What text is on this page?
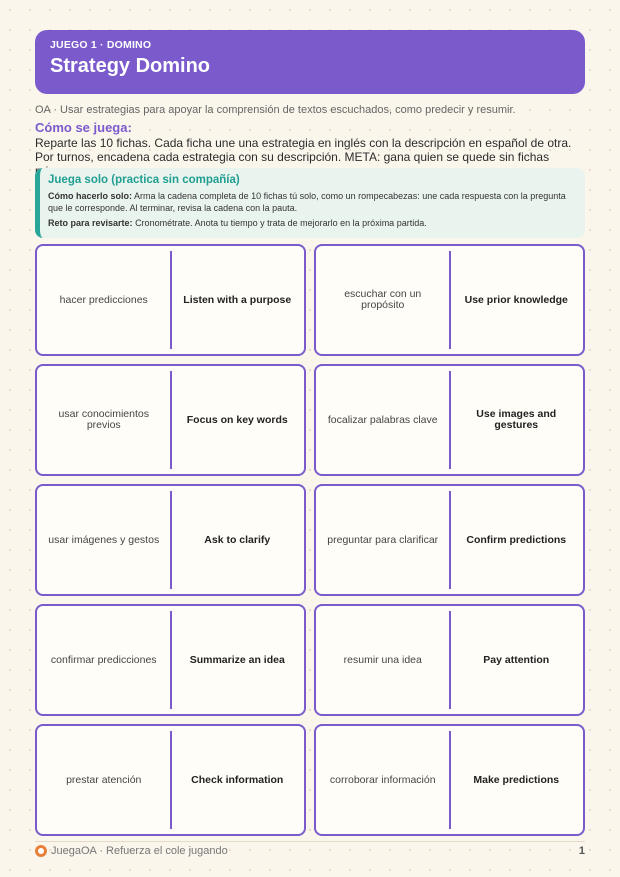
JUEGO 1 · DOMINO
Strategy Domino
OA · Usar estrategias para apoyar la comprensión de textos escuchados, como predecir y resumir.
Cómo se juega:
Reparte las 10 fichas. Cada ficha une una estrategia en inglés con la descripción en español de otra. Por turnos, encadena cada estrategia con su descripción. META: gana quien se quede sin fichas
Juega solo (practica sin compañía)
Cómo hacerlo solo: Arma la cadena completa de 10 fichas tú solo, como un rompecabezas: une cada respuesta con la pregunta que le corresponde. Al terminar, revisa la cadena con la pauta.
Reto para revisarte: Cronométrate. Anota tu tiempo y trata de mejorarlo en la próxima partida.
hacer predicciones	Listen with a purpose	escuchar con un propósito	Use prior knowledge
usar conocimientos previos	Focus on key words	focalizar palabras clave	Use images and gestures
usar imágenes y gestos	Ask to clarify	preguntar para clarificar	Confirm predictions
confirmar predicciones	Summarize an idea	resumir una idea	Pay attention
prestar atención	Check information	corroborar información	Make predictions
JuegaOA · Refuerza el cole jugando	1
